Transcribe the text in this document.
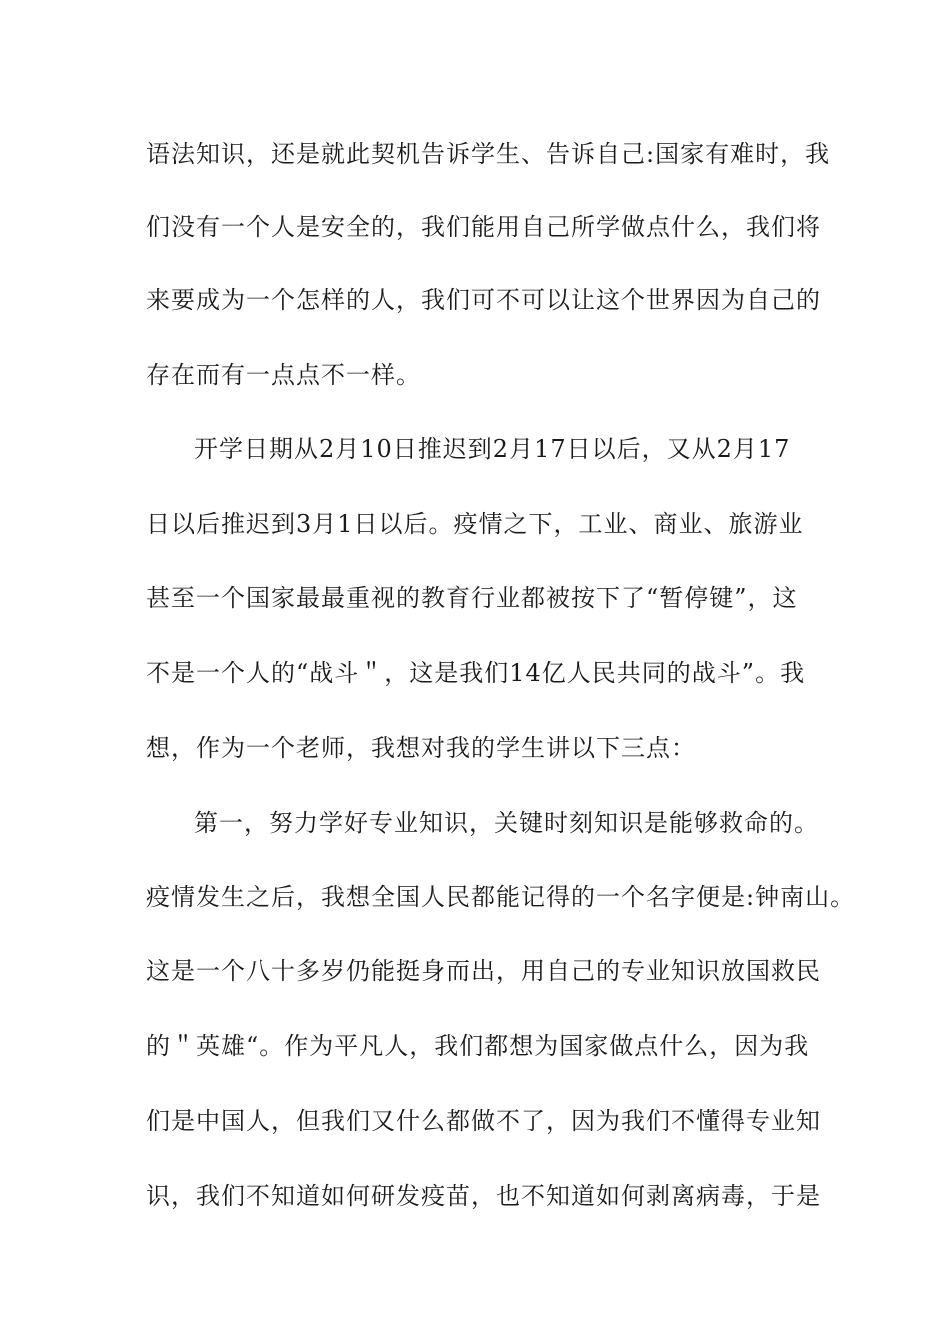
语法知识，还是就此契机告诉学生、告诉自己:国家有难时，我
们没有一个人是安全的，我们能用自己所学做点什么，我们将
来要成为一个怎样的人，我们可不可以让这个世界因为自己的
存在而有一点点不一样。
开学日期从2月10日推迟到2月17日以后，又从2月17
日以后推迟到3月1日以后。疫情之下，工业、商业、旅游业
甚至一个国家最最重视的教育行业都被按下了“暂停键”，这
不是一个人的“战斗＂，这是我们14亿人民共同的战斗”。我
想，作为一个老师，我想对我的学生讲以下三点：
第一，努力学好专业知识，关键时刻知识是能够救命的。
疫情发生之后，我想全国人民都能记得的一个名字便是:钟南山。
这是一个八十多岁仍能挺身而出，用自己的专业知识放国救民
的＂英雄“。作为平凡人，我们都想为国家做点什么，因为我
们是中国人，但我们又什么都做不了，因为我们不懂得专业知
识，我们不知道如何研发疫苗，也不知道如何剥离病毒，于是
